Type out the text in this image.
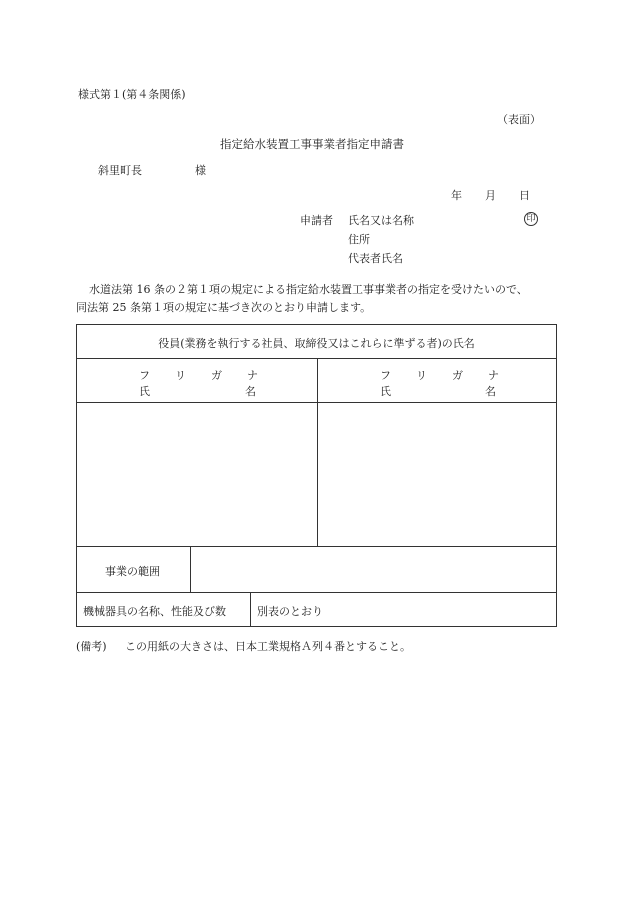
様式第１(第４条関係)
（表面）
指定給水装置工事事業者指定申請書
斜里町長	様
年 月 日
申請者 氏名又は名称	印
住所
代表者氏名
水道法第 16 条の２第１項の規定による指定給水装置工事事業者の指定を受けたいので、
同法第 25 条第１項の規定に基づき次のとおり申請します。
役員(業務を執行する社員、取締役又はこれらに準ずる者)の氏名
フ リ ガ ナ
氏	名
フ リ ガ ナ
氏	名
事業の範囲
機械器具の名称、性能及び数	別表のとおり
(備考) この用紙の大きさは、日本工業規格Ａ列４番とすること。
